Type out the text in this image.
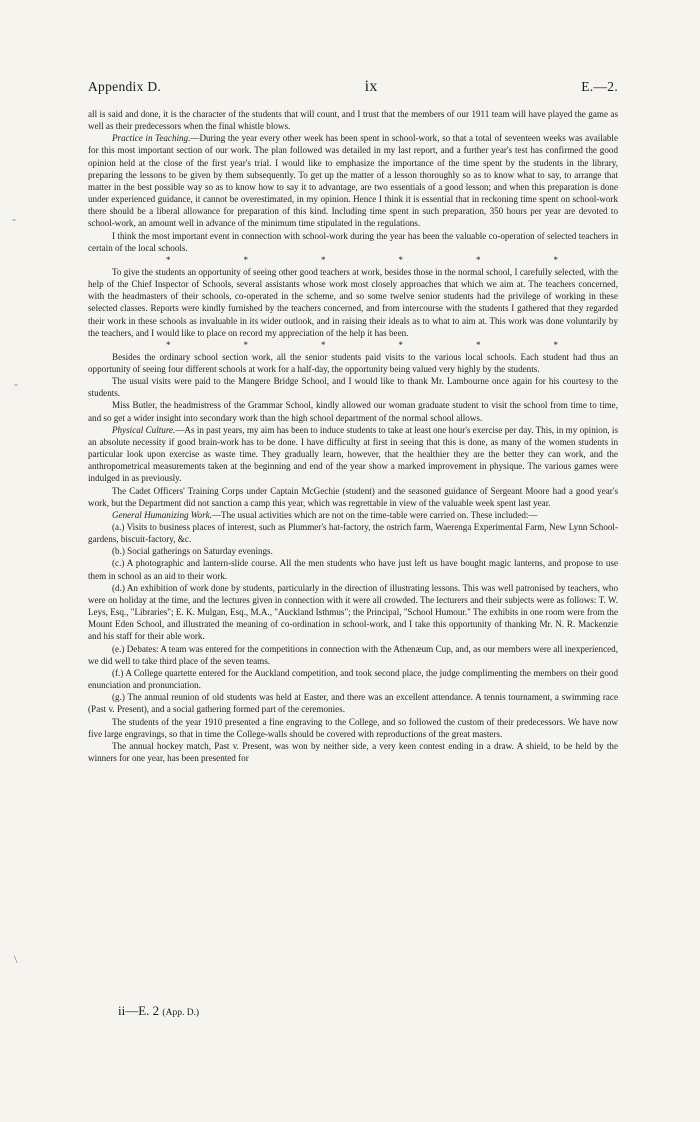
Appendix D.	ix	E.—2.

all is said and done, it is the character of the students that will count, and I trust that the members of our 1911 team will have played the game as well as their predecessors when the final whistle blows.

Practice in Teaching.—During the year every other week has been spent in school-work, so that a total of seventeen weeks was available for this most important section of our work. The plan followed was detailed in my last report, and a further year's test has confirmed the good opinion held at the close of the first year's trial. I would like to emphasize the importance of the time spent by the students in the library, preparing the lessons to be given by them subsequently. To get up the matter of a lesson thoroughly so as to know what to say, to arrange that matter in the best possible way so as to know how to say it to advantage, are two essentials of a good lesson; and when this preparation is done under experienced guidance, it cannot be overestimated, in my opinion. Hence I think it is essential that in reckoning time spent on school-work there should be a liberal allowance for preparation of this kind. Including time spent in such preparation, 350 hours per year are devoted to school-work, an amount well in advance of the minimum time stipulated in the regulations.

I think the most important event in connection with school-work during the year has been the valuable co-operation of selected teachers in certain of the local schools.

*	*	*	*	*	*

To give the students an opportunity of seeing other good teachers at work, besides those in the normal school, I carefully selected, with the help of the Chief Inspector of Schools, several assistants whose work most closely approaches that which we aim at. The teachers concerned, with the headmasters of their schools, co-operated in the scheme, and so some twelve senior students had the privilege of working in these selected classes. Reports were kindly furnished by the teachers concerned, and from intercourse with the students I gathered that they regarded their work in these schools as invaluable in its wider outlook, and in raising their ideals as to what to aim at. This work was done voluntarily by the teachers, and I would like to place on record my appreciation of the help it has been.

*	*	*	*	*	*

Besides the ordinary school section work, all the senior students paid visits to the various local schools. Each student had thus an opportunity of seeing four different schools at work for a half-day, the opportunity being valued very highly by the students.

The usual visits were paid to the Mangere Bridge School, and I would like to thank Mr. Lambourne once again for his courtesy to the students.

Miss Butler, the headmistress of the Grammar School, kindly allowed our woman graduate student to visit the school from time to time, and so get a wider insight into secondary work than the high school department of the normal school allows.

Physical Culture.—As in past years, my aim has been to induce students to take at least one hour's exercise per day. This, in my opinion, is an absolute necessity if good brain-work has to be done. I have difficulty at first in seeing that this is done, as many of the women students in particular look upon exercise as waste time. They gradually learn, however, that the healthier they are the better they can work, and the anthropometrical measurements taken at the beginning and end of the year show a marked improvement in physique. The various games were indulged in as previously.

The Cadet Officers' Training Corps under Captain McGechie (student) and the seasoned guidance of Sergeant Moore had a good year's work, but the Department did not sanction a camp this year, which was regrettable in view of the valuable week spent last year.

General Humanizing Work.—The usual activities which are not on the time-table were carried on. These included:—

(a.) Visits to business places of interest, such as Plummer's hat-factory, the ostrich farm, Waerenga Experimental Farm, New Lynn School-gardens, biscuit-factory, &c.

(b.) Social gatherings on Saturday evenings.

(c.) A photographic and lantern-slide course. All the men students who have just left us have bought magic lanterns, and propose to use them in school as an aid to their work.

(d.) An exhibition of work done by students, particularly in the direction of illustrating lessons. This was well patronised by teachers, who were on holiday at the time, and the lectures given in connection with it were all crowded. The lecturers and their subjects were as follows: T. W. Leys, Esq., "Libraries"; E. K. Mulgan, Esq., M.A., "Auckland Isthmus"; the Principal, "School Humour." The exhibits in one room were from the Mount Eden School, and illustrated the meaning of co-ordination in school-work, and I take this opportunity of thanking Mr. N. R. Mackenzie and his staff for their able work.

(e.) Debates: A team was entered for the competitions in connection with the Athenæum Cup, and, as our members were all inexperienced, we did well to take third place of the seven teams.

(f.) A College quartette entered for the Auckland competition, and took second place, the judge complimenting the members on their good enunciation and pronunciation.

(g.) The annual reunion of old students was held at Easter, and there was an excellent attendance. A tennis tournament, a swimming race (Past v. Present), and a social gathering formed part of the ceremonies.

The students of the year 1910 presented a fine engraving to the College, and so followed the custom of their predecessors. We have now five large engravings, so that in time the College-walls should be covered with reproductions of the great masters.

The annual hockey match, Past v. Present, was won by neither side, a very keen contest ending in a draw. A shield, to be held by the winners for one year, has been presented for

ii—E. 2 (App. D.)
-
-
\
